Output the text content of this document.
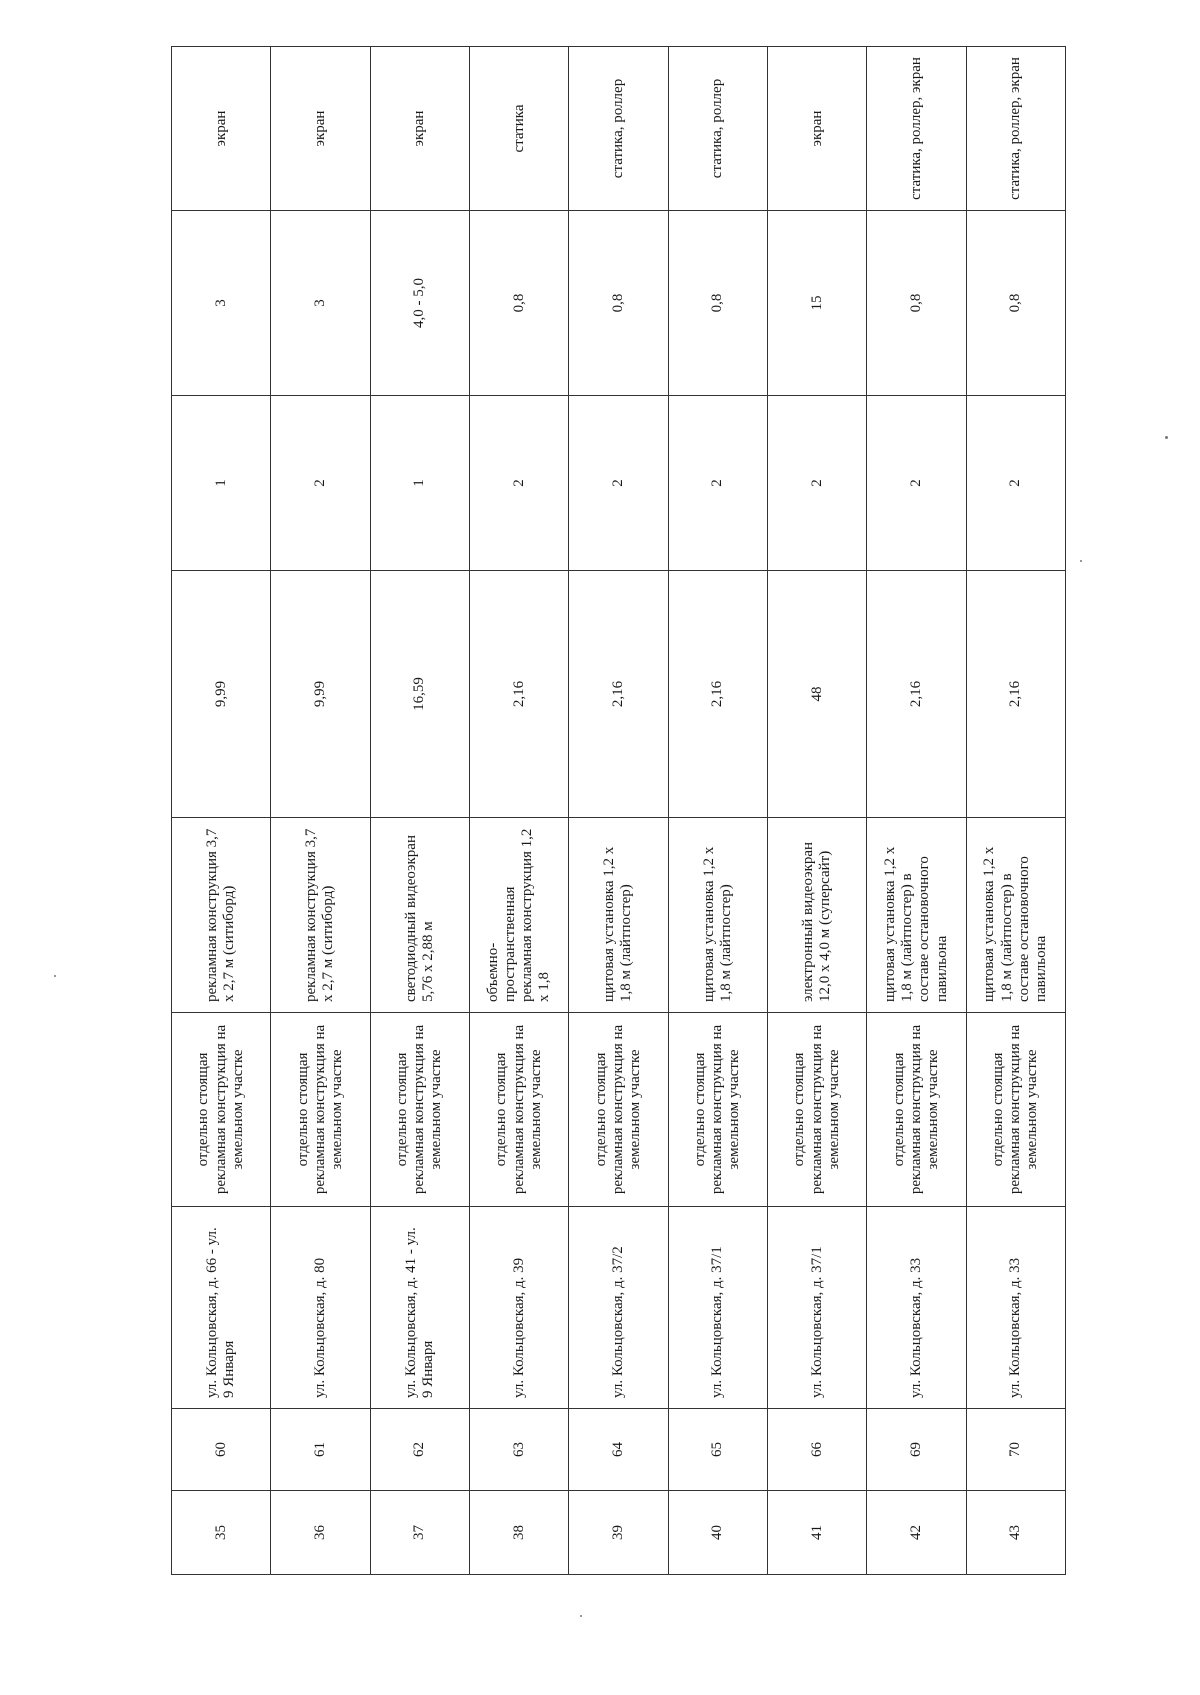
35	60	ул. Кольцовская, д. 66 - ул. 9 Января	отдельно стоящая рекламная конструкция на земельном участке	рекламная конструкция 3,7 х 2,7 м (ситиборд)	9,99	1	3	экран
36	61	ул. Кольцовская, д. 80	отдельно стоящая рекламная конструкция на земельном участке	рекламная конструкция 3,7 х 2,7 м (ситиборд)	9,99	2	3	экран
37	62	ул. Кольцовская, д. 41 - ул. 9 Января	отдельно стоящая рекламная конструкция на земельном участке	светодиодный видеоэкран 5,76 х 2,88 м	16,59	1	4,0 - 5,0	экран
38	63	ул. Кольцовская, д. 39	отдельно стоящая рекламная конструкция на земельном участке	объемно-пространственная рекламная конструкция 1,2 х 1,8	2,16	2	0,8	статика
39	64	ул. Кольцовская, д. 37/2	отдельно стоящая рекламная конструкция на земельном участке	щитовая установка 1,2 х 1,8 м (лайтпостер)	2,16	2	0,8	статика, роллер
40	65	ул. Кольцовская, д. 37/1	отдельно стоящая рекламная конструкция на земельном участке	щитовая установка 1,2 х 1,8 м (лайтпостер)	2,16	2	0,8	статика, роллер
41	66	ул. Кольцовская, д. 37/1	отдельно стоящая рекламная конструкция на земельном участке	электронный видеоэкран 12,0 х 4,0 м (суперсайт)	48	2	15	экран
42	69	ул. Кольцовская, д. 33	отдельно стоящая рекламная конструкция на земельном участке	щитовая установка 1,2 х 1,8 м (лайтпостер) в составе остановочного павильона	2,16	2	0,8	статика, роллер, экран
43	70	ул. Кольцовская, д. 33	отдельно стоящая рекламная конструкция на земельном участке	щитовая установка 1,2 х 1,8 м (лайтпостер) в составе остановочного павильона	2,16	2	0,8	статика, роллер, экран
